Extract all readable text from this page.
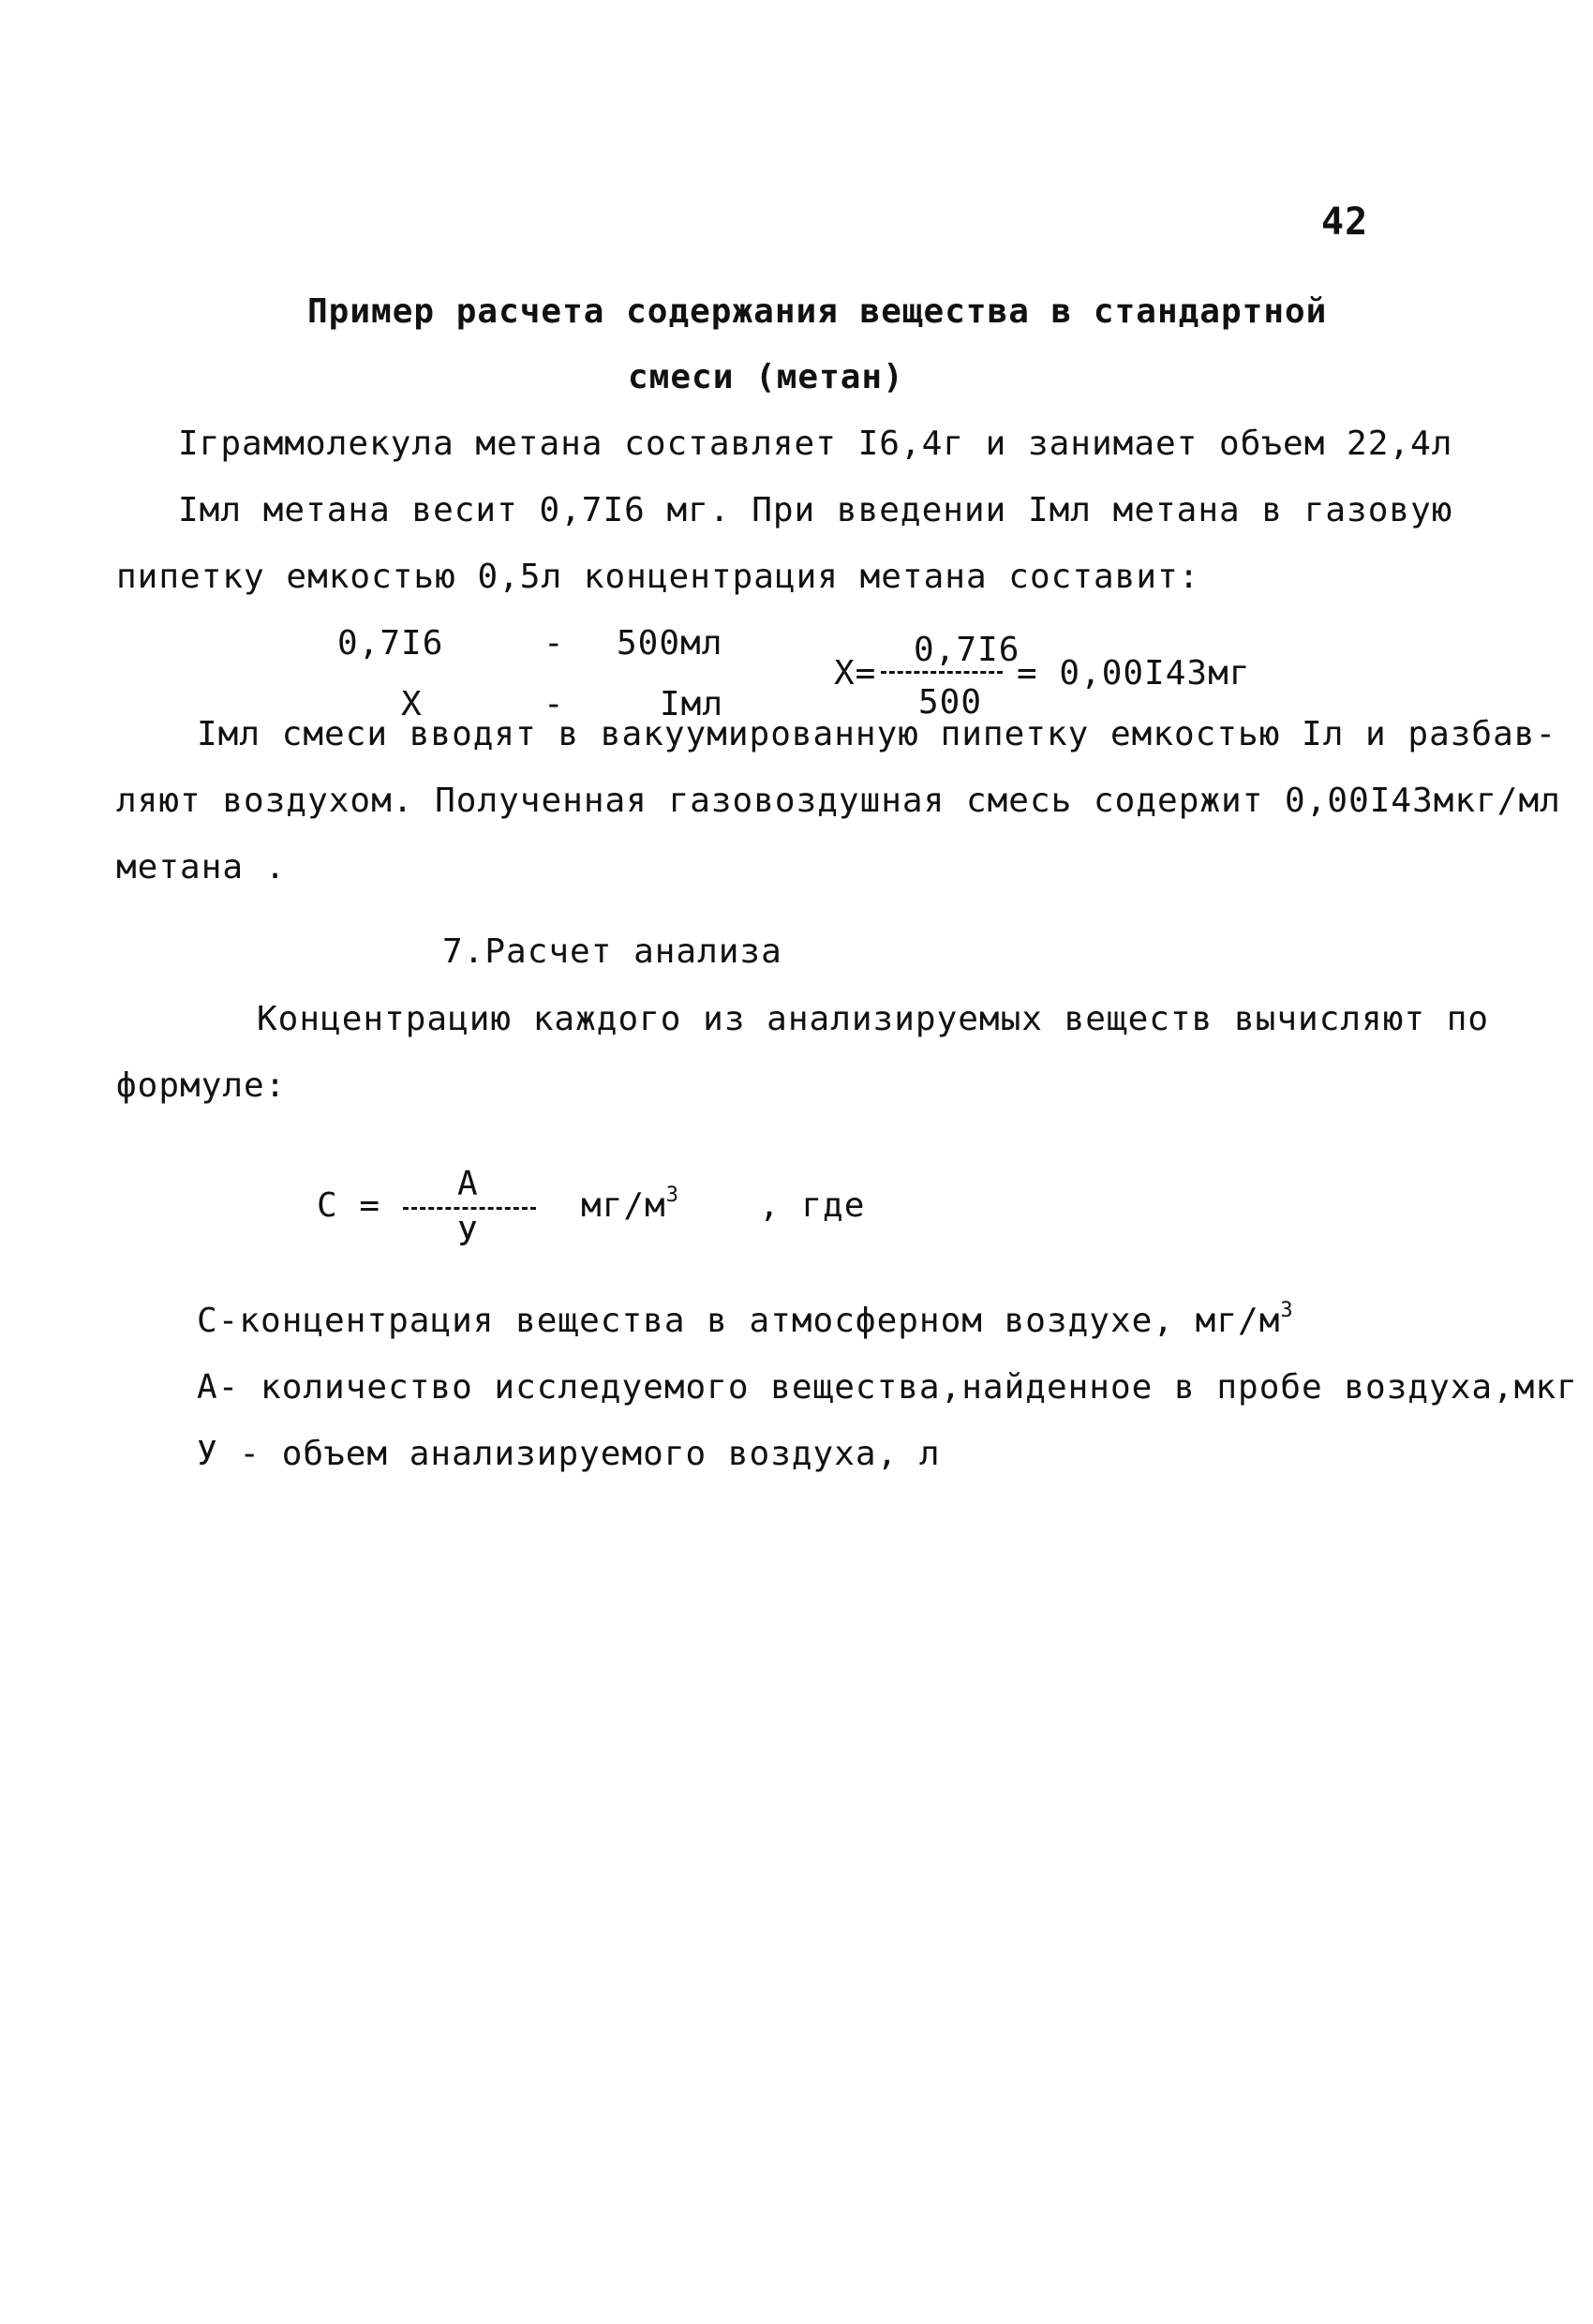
42
Пример расчета содержания вещества в стандартной
смеси (метан)
Iграммолекула метана составляет I6,4г и занимает объем 22,4л
Iмл метана весит 0,7I6 мг. При введении Iмл метана в газовую
пипетку емкостью 0,5л концентрация метана составит:
0,7I6	- 500мл
X	-	Iмл
X=
0,7I6
500
= 0,00I43мг
Iмл смеси вводят в вакуумированную пипетку емкостью Iл и разбав-
ляют воздухом. Полученная газовоздушная смесь содержит 0,00I43мкг/мл
метана .
7.Расчет анализа
Концентрацию каждого из анализируемых веществ вычисляют по
формуле:
С =
А
У
$мг/м^3$ , где
С-концентрация вещества в атмосферном воздухе, $мг/м^3$
А- количество исследуемого вещества,найденное в пробе воздуха,мкг
У - объем анализируемого воздуха, л
